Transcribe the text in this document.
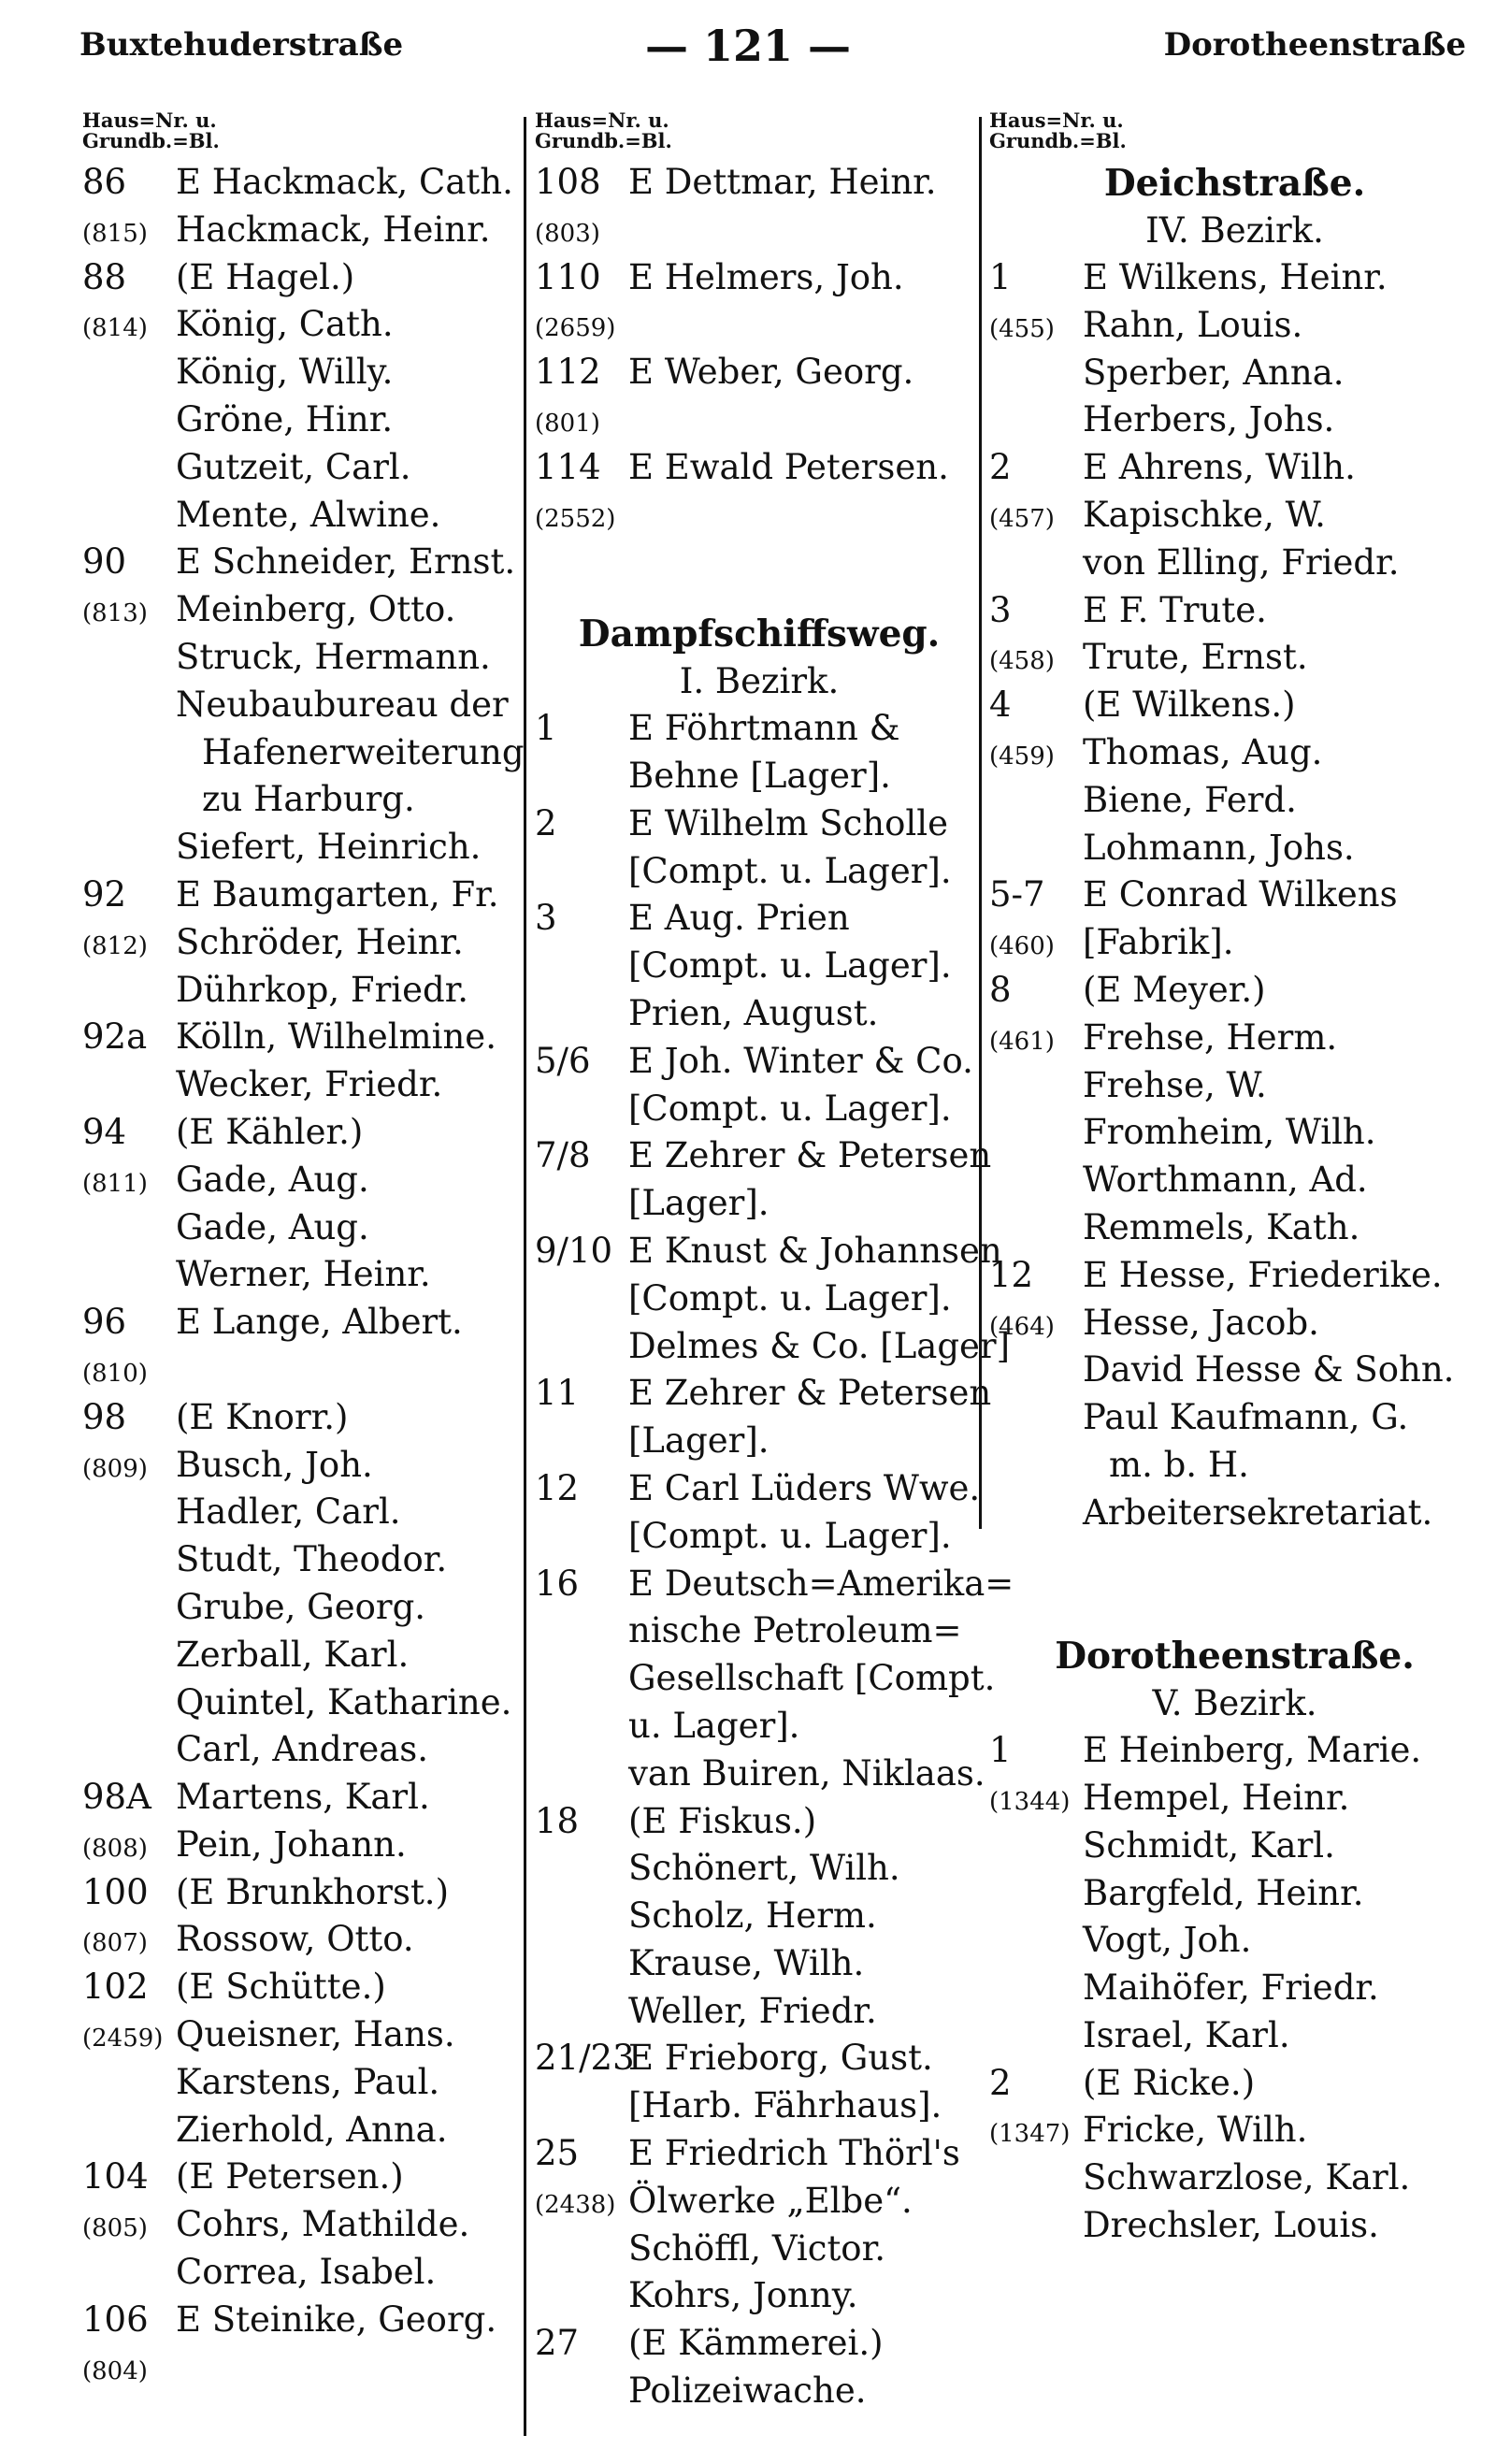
Buxtehuderstraße	— 121 —	Dorotheenstraße
Haus=Nr. u.
Grundb.=Bl.
86 E Hackmack, Cath.
(815) Hackmack, Heinr.
88 (E Hagel.)
(814) König, Cath.
König, Willy.
Gröne, Hinr.
Gutzeit, Carl.
Mente, Alwine.
90 E Schneider, Ernst.
(813) Meinberg, Otto.
Struck, Hermann.
Neubaubureau der
Hafenerweiterung
zu Harburg.
Siefert, Heinrich.
92 E Baumgarten, Fr.
(812) Schröder, Heinr.
Dührkop, Friedr.
92a Kölln, Wilhelmine.
Wecker, Friedr.
94 (E Kähler.)
(811) Gade, Aug.
Gade, Aug.
Werner, Heinr.
96 E Lange, Albert.
(810)
98 (E Knorr.)
(809) Busch, Joh.
Hadler, Carl.
Studt, Theodor.
Grube, Georg.
Zerball, Karl.
Quintel, Katharine.
Carl, Andreas.
98A Martens, Karl.
(808) Pein, Johann.
100 (E Brunkhorst.)
(807) Rossow, Otto.
102 (E Schütte.)
(2459) Queisner, Hans.
Karstens, Paul.
Zierhold, Anna.
104 (E Petersen.)
(805) Cohrs, Mathilde.
Correa, Isabel.
106 E Steinike, Georg.
(804)
Haus=Nr. u.
Grundb.=Bl.
108 E Dettmar, Heinr.
(803)
110 E Helmers, Joh.
(2659)
112 E Weber, Georg.
(801)
114 E Ewald Petersen.
(2552)
Dampfschiffsweg.
I. Bezirk.
1 E Föhrtmann &
Behne [Lager].
2 E Wilhelm Scholle
[Compt. u. Lager].
3 E Aug. Prien
[Compt. u. Lager].
Prien, August.
5/6 E Joh. Winter & Co.
[Compt. u. Lager].
7/8 E Zehrer & Petersen
[Lager].
9/10 E Knust & Johannsen
[Compt. u. Lager].
Delmes & Co. [Lager]
11 E Zehrer & Petersen
[Lager].
12 E Carl Lüders Wwe.
[Compt. u. Lager].
16 E Deutsch=Amerika=
nische Petroleum=
Gesellschaft [Compt.
u. Lager].
van Buiren, Niklaas.
18 (E Fiskus.)
Schönert, Wilh.
Scholz, Herm.
Krause, Wilh.
Weller, Friedr.
21/23
E Frieborg, Gust.
[Harb. Fährhaus].
25 E Friedrich Thörl's
(2438) Ölwerke „Elbe“.
Schöffl, Victor.
Kohrs, Jonny.
27 (E Kämmerei.)
Polizeiwache.
Haus=Nr. u.
Grundb.=Bl.
Deichstraße.
IV. Bezirk.
1 E Wilkens, Heinr.
(455) Rahn, Louis.
Sperber, Anna.
Herbers, Johs.
2 E Ahrens, Wilh.
(457) Kapischke, W.
von Elling, Friedr.
3 E F. Trute.
(458) Trute, Ernst.
4 (E Wilkens.)
(459) Thomas, Aug.
Biene, Ferd.
Lohmann, Johs.
5-7 E Conrad Wilkens
(460) [Fabrik].
8 (E Meyer.)
(461) Frehse, Herm.
Frehse, W.
Fromheim, Wilh.
Worthmann, Ad.
Remmels, Kath.
12 E Hesse, Friederike.
(464) Hesse, Jacob.
David Hesse & Sohn.
Paul Kaufmann, G.
m. b. H.
Arbeitersekretariat.
Dorotheenstraße.
V. Bezirk.
1 E Heinberg, Marie.
(1344) Hempel, Heinr.
Schmidt, Karl.
Bargfeld, Heinr.
Vogt, Joh.
Maihöfer, Friedr.
Israel, Karl.
2 (E Ricke.)
(1347) Fricke, Wilh.
Schwarzlose, Karl.
Drechsler, Louis.
